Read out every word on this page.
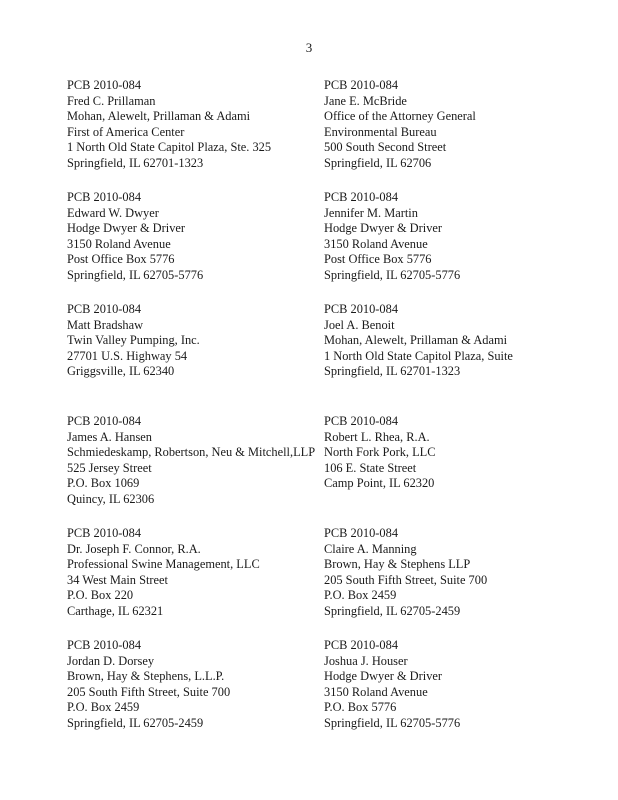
3
PCB 2010-084
Fred C. Prillaman
Mohan, Alewelt, Prillaman & Adami
First of America Center
1 North Old State Capitol Plaza, Ste. 325
Springfield, IL 62701-1323
PCB 2010-084
Jane E. McBride
Office of the Attorney General
Environmental Bureau
500 South Second Street
Springfield, IL 62706
PCB 2010-084
Edward W. Dwyer
Hodge Dwyer & Driver
3150 Roland Avenue
Post Office Box 5776
Springfield, IL 62705-5776
PCB 2010-084
Jennifer M. Martin
Hodge Dwyer & Driver
3150 Roland Avenue
Post Office Box 5776
Springfield, IL 62705-5776
PCB 2010-084
Matt Bradshaw
Twin Valley Pumping, Inc.
27701 U.S. Highway 54
Griggsville, IL 62340
PCB 2010-084
Joel A. Benoit
Mohan, Alewelt, Prillaman & Adami
1 North Old State Capitol Plaza, Suite
Springfield, IL 62701-1323
PCB 2010-084
James A. Hansen
Schmiedeskamp, Robertson, Neu & Mitchell,LLP
525 Jersey Street
P.O. Box 1069
Quincy, IL 62306
PCB 2010-084
Robert L. Rhea, R.A.
North Fork Pork, LLC
106 E. State Street
Camp Point, IL 62320
PCB 2010-084
Dr. Joseph F. Connor, R.A.
Professional Swine Management, LLC
34 West Main Street
P.O. Box 220
Carthage, IL 62321
PCB 2010-084
Claire A. Manning
Brown, Hay & Stephens LLP
205 South Fifth Street, Suite 700
P.O. Box 2459
Springfield, IL 62705-2459
PCB 2010-084
Jordan D. Dorsey
Brown, Hay & Stephens, L.L.P.
205 South Fifth Street, Suite 700
P.O. Box 2459
Springfield, IL 62705-2459
PCB 2010-084
Joshua J. Houser
Hodge Dwyer & Driver
3150 Roland Avenue
P.O. Box 5776
Springfield, IL 62705-5776
